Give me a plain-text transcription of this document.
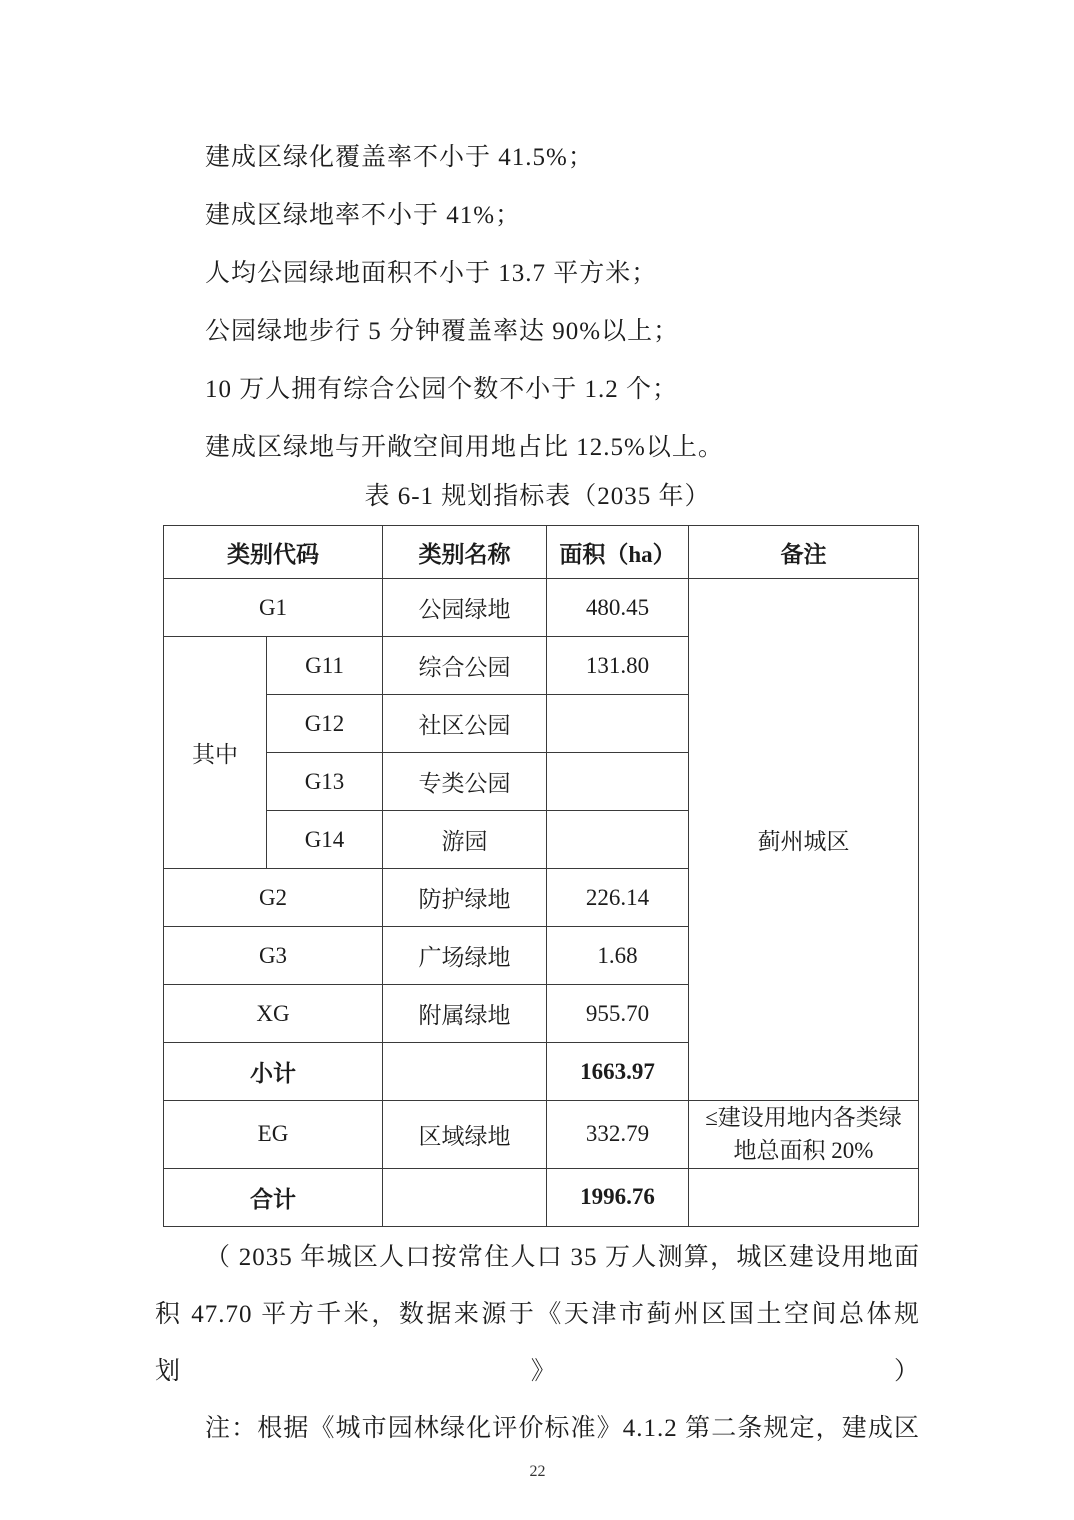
建成区绿化覆盖率不小于 41.5%；

建成区绿地率不小于 41%；

人均公园绿地面积不小于 13.7 平方米；

公园绿地步行 5 分钟覆盖率达 90%以上；

10 万人拥有综合公园个数不小于 1.2 个；

建成区绿地与开敞空间用地占比 12.5%以上。

表 6-1 规划指标表（2035 年）

类别代码		类别名称	面积（ha）	备注
G1		公园绿地	480.45	蓟州城区
其中	G11	综合公园	131.80	
	G12	社区公园		
	G13	专类公园		
	G14	游园		
G2		防护绿地	226.14	
G3		广场绿地	1.68	
XG		附属绿地	955.70	
小计			1663.97	
EG		区域绿地	332.79	≤建设用地内各类绿
地总面积 20%

合计			1996.76	

（ 2035 年城区人口按常住人口 35 万人测算，城区建设用地面

积 47.70 平方千米，数据来源于《天津市蓟州区国土空间总体规划》）

注：根据《城市园林绿化评价标准》4.1.2 第二条规定，建成区

22
